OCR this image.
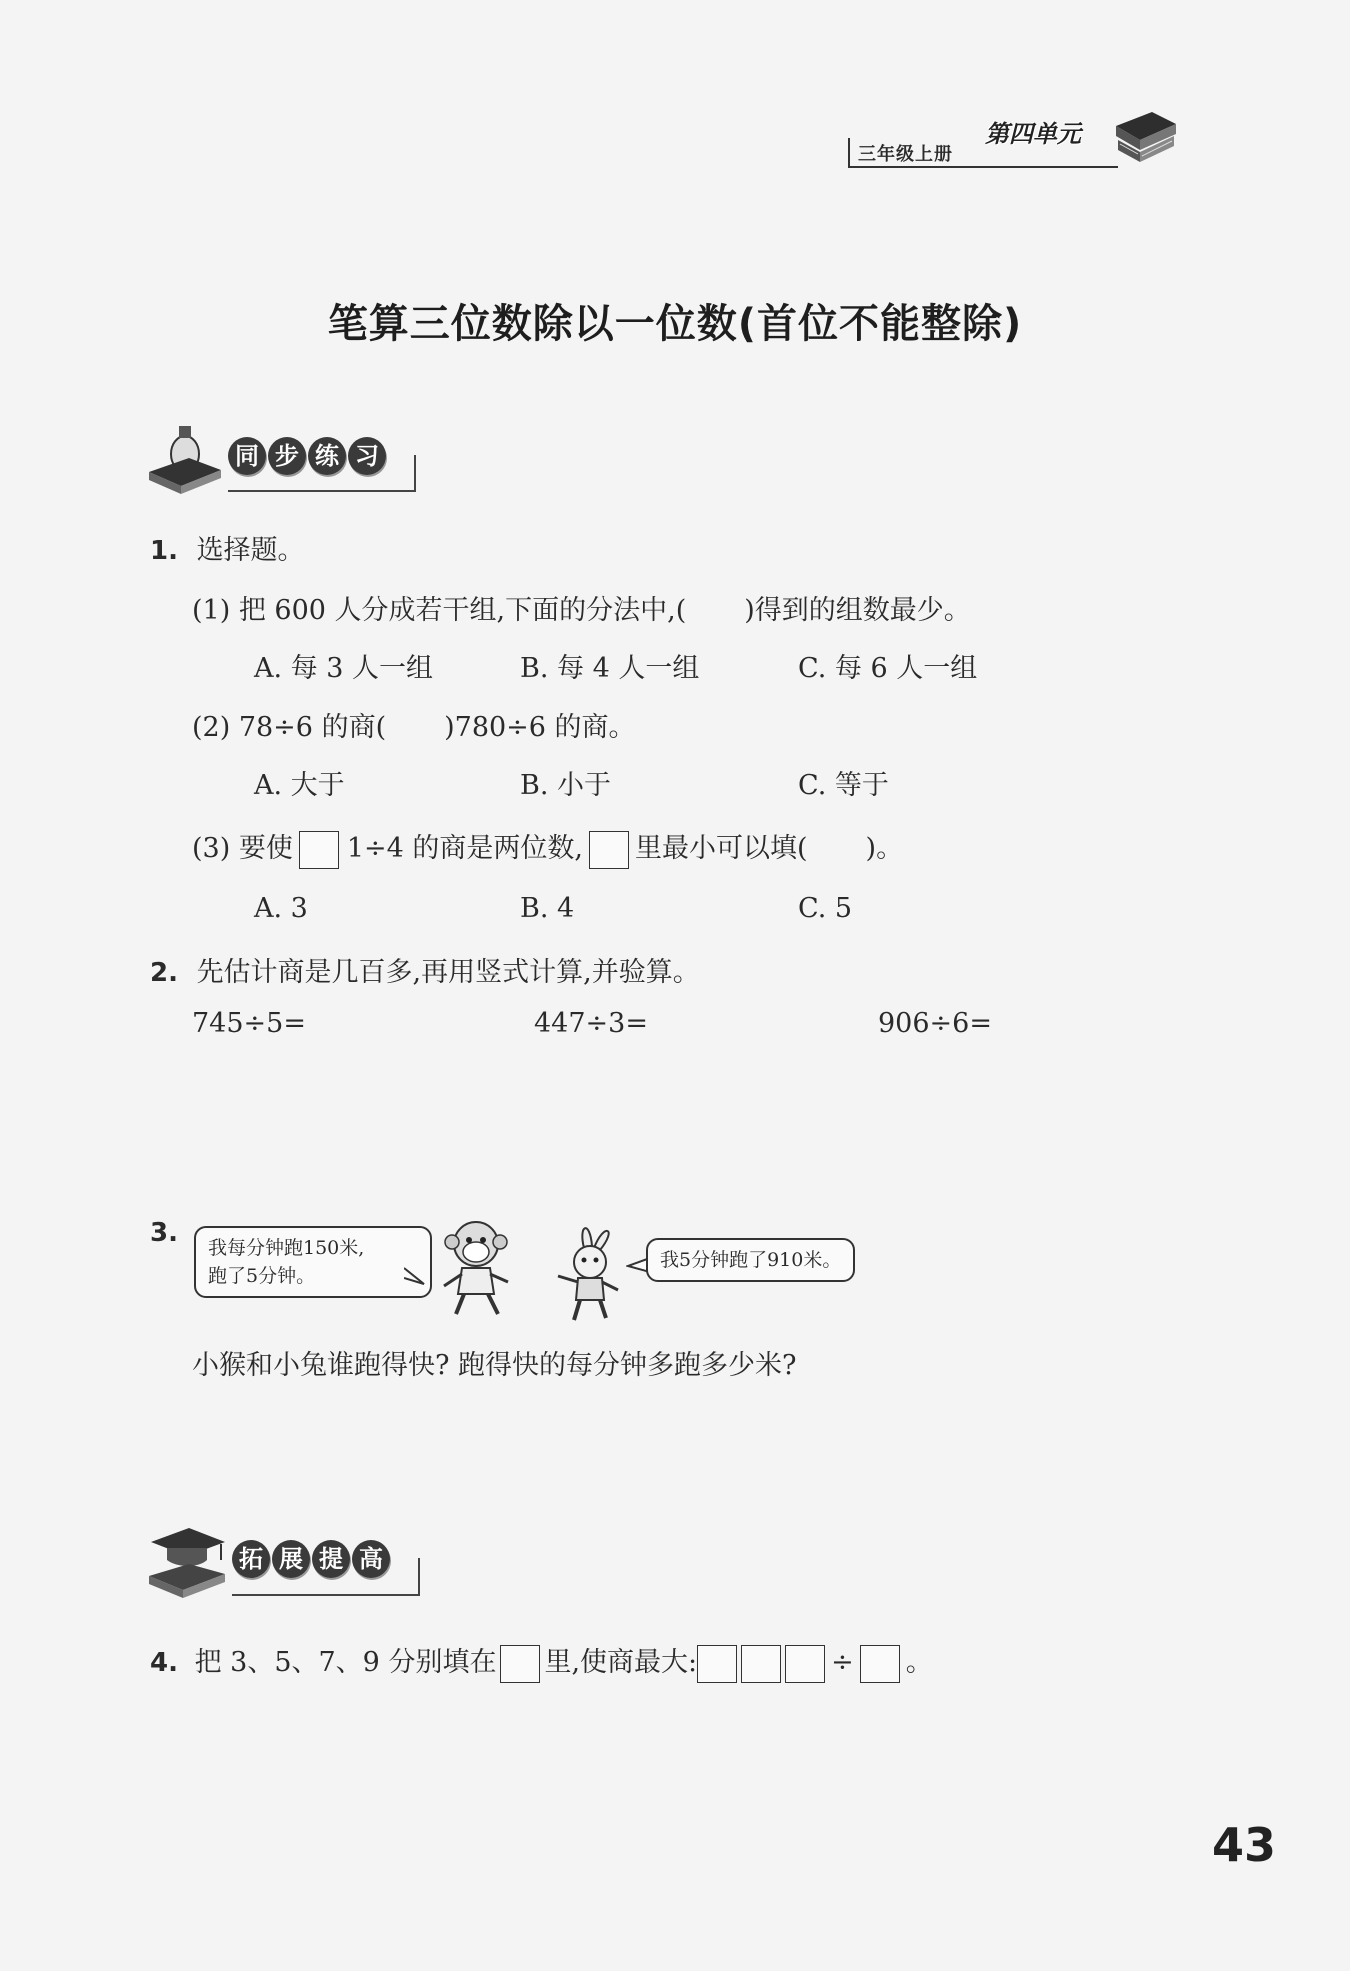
三年级上册
第四单元
笔算三位数除以一位数(首位不能整除)
同 步 练 习
1. 选择题。
(1) 把 600 人分成若干组,下面的分法中,( )得到的组数最少。
A. 每 3 人一组	B. 每 4 人一组	C. 每 6 人一组
(2) 78÷6 的商( )780÷6 的商。
A. 大于	B. 小于	C. 等于
(3) 要使 1÷4 的商是两位数, 里最小可以填( )。
A. 3	B. 4	C. 5
2. 先估计商是几百多,再用竖式计算,并验算。
745÷5=	447÷3=	906÷6=
3. 我每分钟跑150米,
跑了5分钟。
我5分钟跑了910米。
小猴和小兔谁跑得快? 跑得快的每分钟多跑多少米?
拓 展 提 高
4. 把 3、5、7、9 分别填在 里,使商最大:	÷ 。
43
